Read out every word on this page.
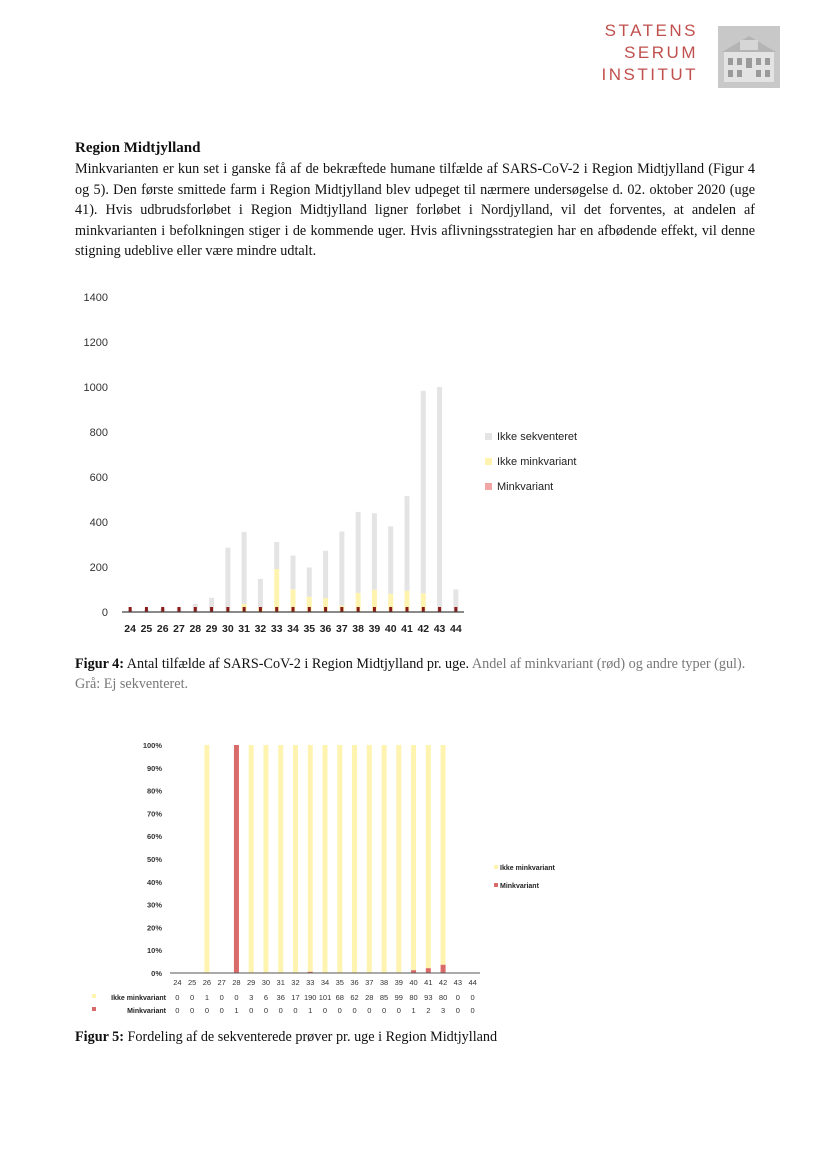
STATENS
SERUM
INSTITUT
Region Midtjylland
Minkvarianten er kun set i ganske få af de bekræftede humane tilfælde af SARS-CoV-2 i Region Midtjylland (Figur 4 og 5). Den første smittede farm i Region Midtjylland blev udpeget til nærmere undersøgelse d. 02. oktober 2020 (uge 41). Hvis udbrudsforløbet i Region Midtjylland ligner forløbet i Nordjylland, vil det forventes, at andelen af minkvarianten i befolkningen stiger i de kommende uger. Hvis aflivningsstrategien har en afbødende effekt, vil denne stigning udeblive eller være mindre udtalt.
0
200
400
600
800
1000
1200
1400
24 25 26 27 28 29 30 31 32 33 34 35 36 37 38 39 40 41 42 43 44
Ikke sekventeret
Ikke minkvariant
Minkvariant
Figur 4: Antal tilfælde af SARS-CoV-2 i Region Midtjylland pr. uge. Andel af minkvariant (rød) og andre typer (gul). Grå: Ej sekventeret.
0%
10%
20%
30%
40%
50%
60%
70%
80%
90%
100%
24
0
0
25
0
0
26
1
0
27
0
0
28
0
1
29
3
0
30
6
0
31
36
0
32
17
0
33
190
1
34
101
0
35
68
0
36
62
0
37
28
0
38
85
0
39
99
0
40
80
1
41
93
2
42
80
3
43
0
0
44
0
0
Ikke minkvariant
Minkvariant
Ikke minkvariant
Minkvariant
Figur 5: Fordeling af de sekventerede prøver pr. uge i Region Midtjylland
